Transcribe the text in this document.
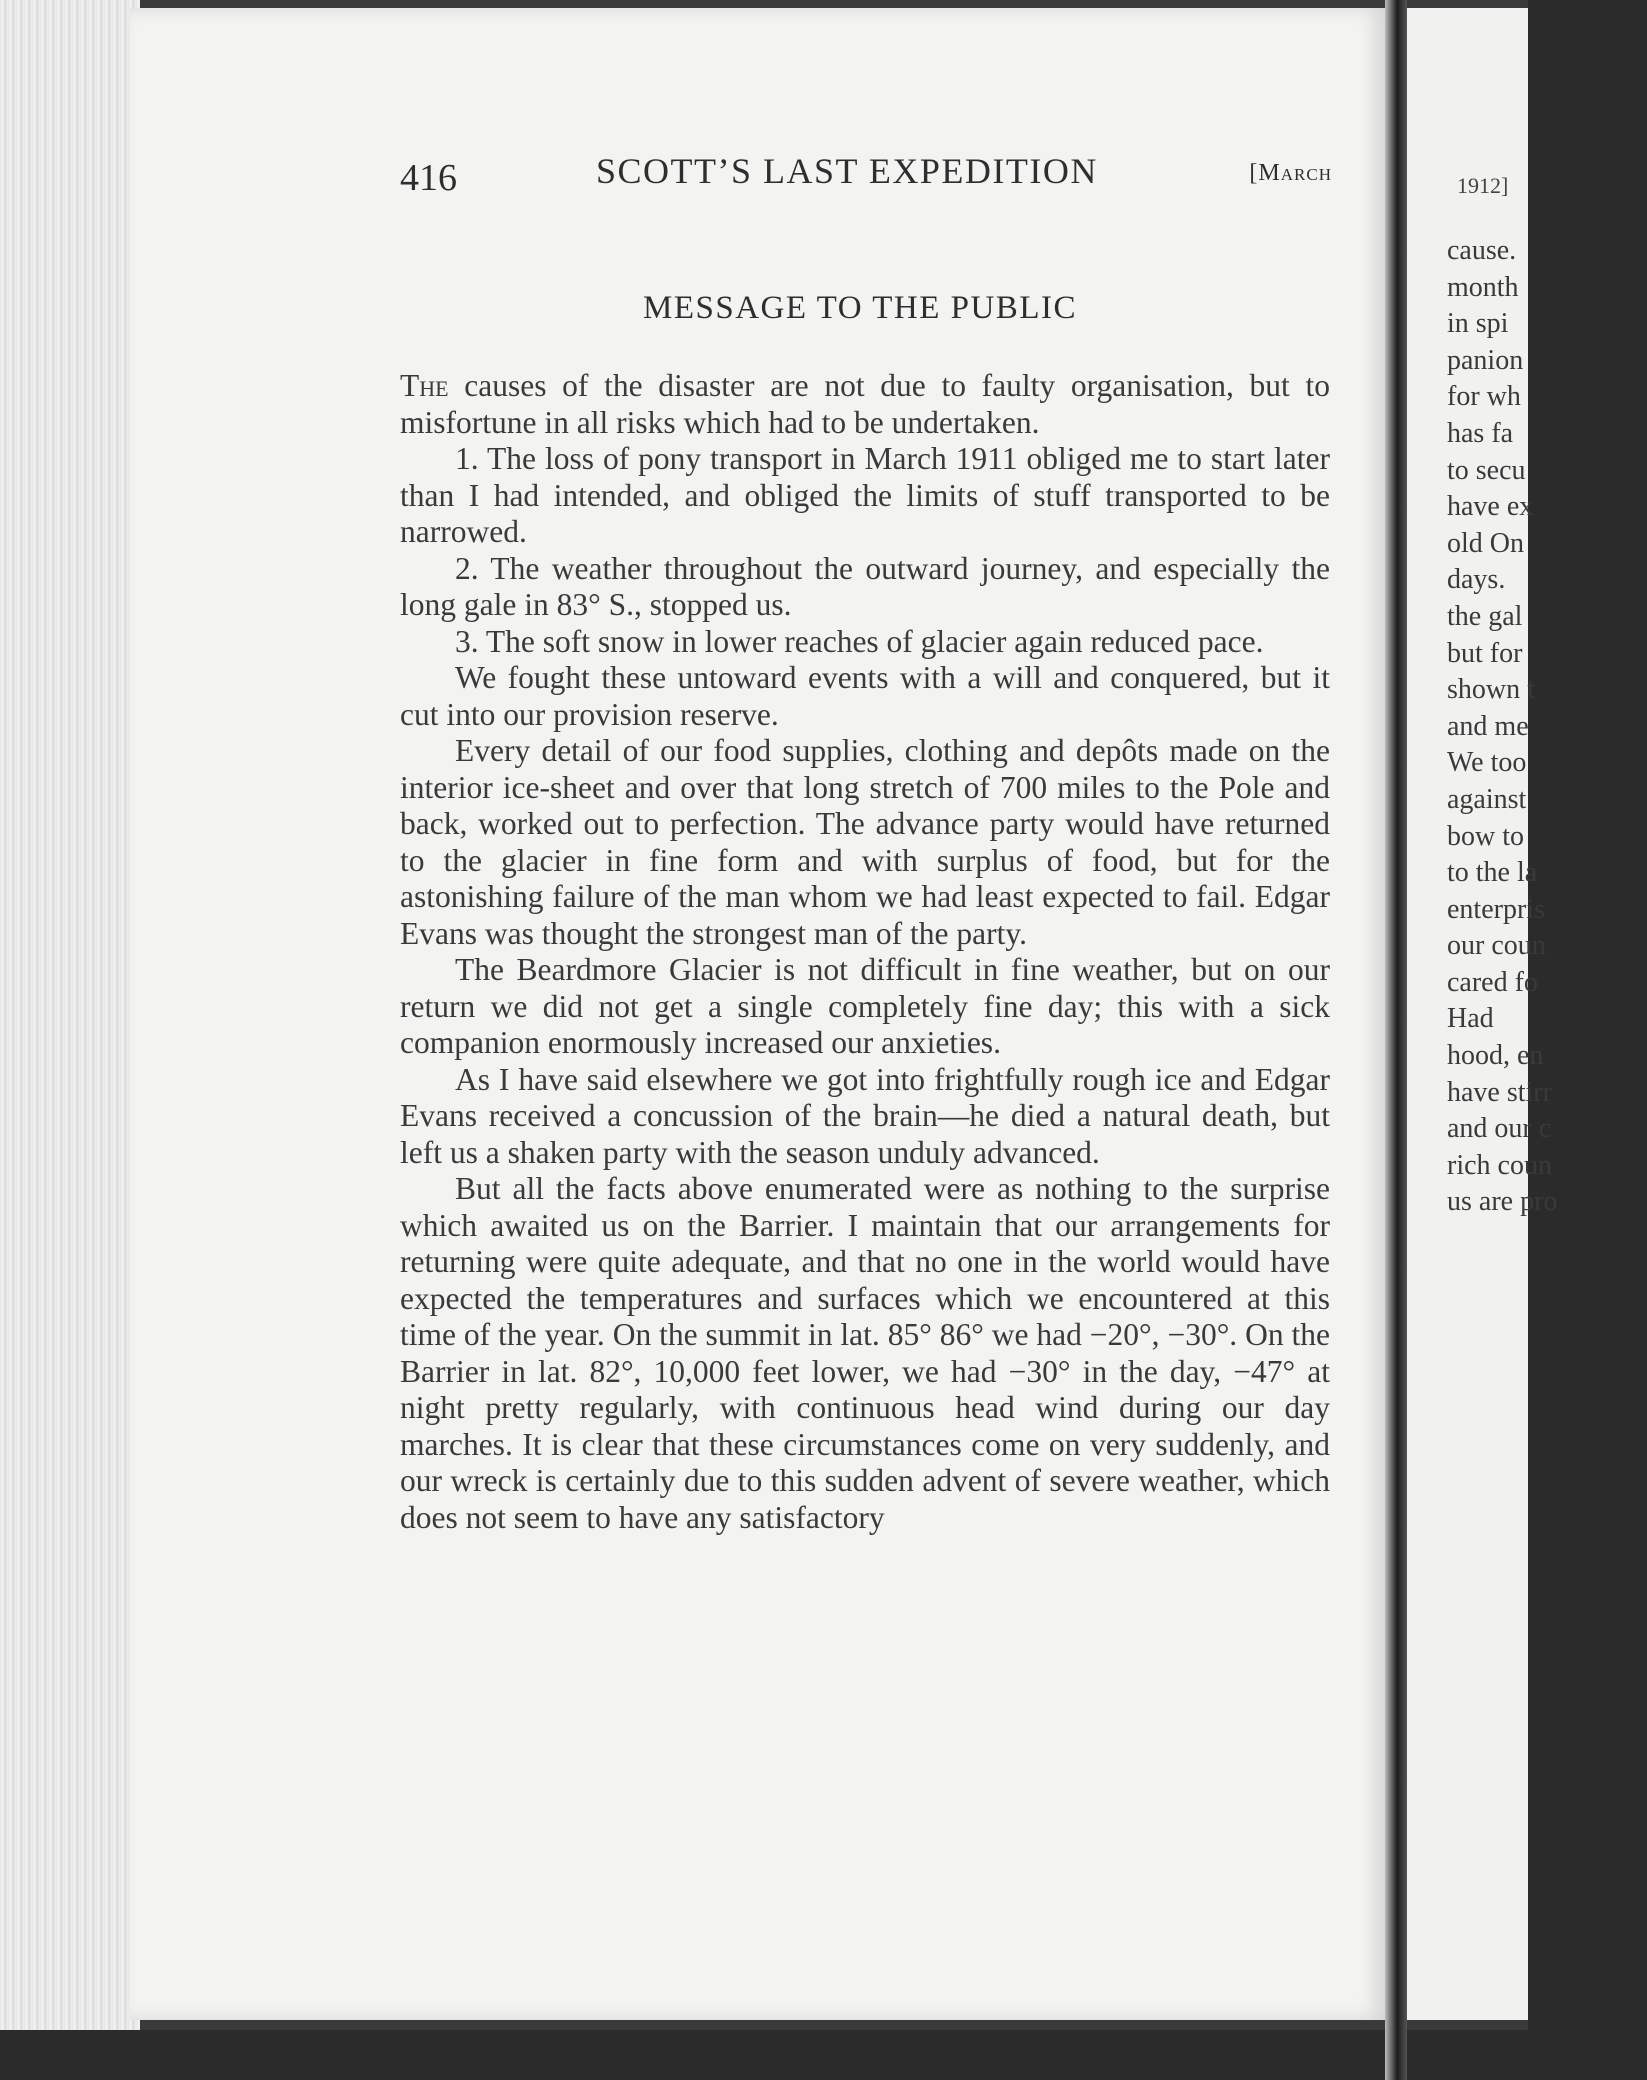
1912]
cause.
month
in spi
panion
for wh
has fa
to secu
have ex
old On
days.
the gal
but for
shown t
and me
We too
against
bow to
to the la
enterpris
our coun
cared fo
Had
hood, en
have stirr
and our c
rich coun
us are pro
416	SCOTT’S LAST EXPEDITION	[March
MESSAGE TO THE PUBLIC

The causes of the disaster are not due to faulty organisation, but to misfortune in all risks which had to be undertaken.

1. The loss of pony transport in March 1911 obliged me to start later than I had intended, and obliged the limits of stuff transported to be narrowed.

2. The weather throughout the outward journey, and especially the long gale in 83° S., stopped us.

3. The soft snow in lower reaches of glacier again reduced pace.

We fought these untoward events with a will and conquered, but it cut into our provision reserve.

Every detail of our food supplies, clothing and depôts made on the interior ice-sheet and over that long stretch of 700 miles to the Pole and back, worked out to perfection. The advance party would have returned to the glacier in fine form and with surplus of food, but for the astonishing failure of the man whom we had least expected to fail. Edgar Evans was thought the strongest man of the party.

The Beardmore Glacier is not difficult in fine weather, but on our return we did not get a single completely fine day; this with a sick companion enormously increased our anxieties.

As I have said elsewhere we got into frightfully rough ice and Edgar Evans received a concussion of the brain—he died a natural death, but left us a shaken party with the season unduly advanced.

But all the facts above enumerated were as nothing to the surprise which awaited us on the Barrier. I maintain that our arrangements for returning were quite adequate, and that no one in the world would have expected the temperatures and surfaces which we encountered at this time of the year. On the summit in lat. 85° 86° we had −20°, −30°. On the Barrier in lat. 82°, 10,000 feet lower, we had −30° in the day, −47° at night pretty regularly, with continuous head wind during our day marches. It is clear that these circumstances come on very suddenly, and our wreck is certainly due to this sudden advent of severe weather, which does not seem to have any satisfactory
